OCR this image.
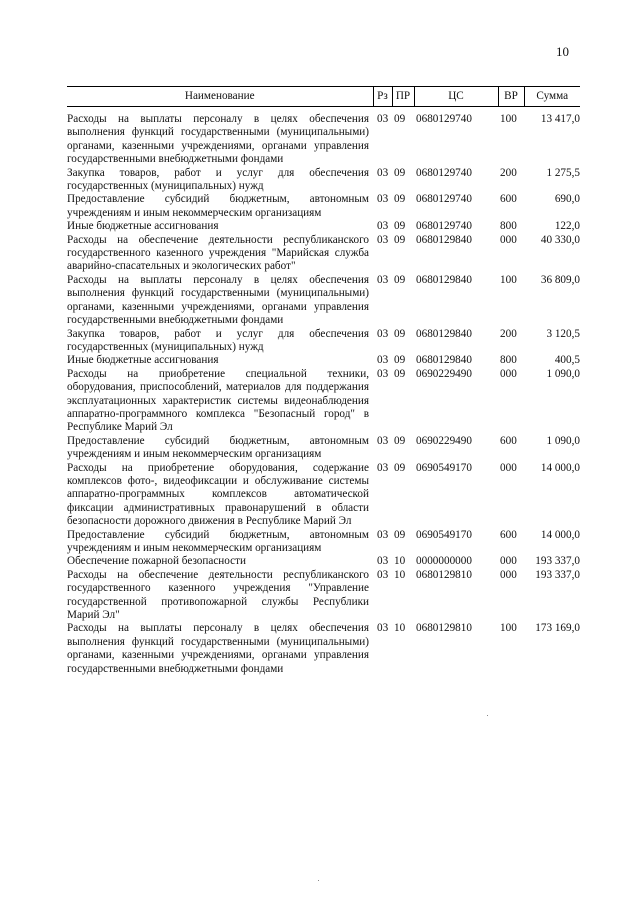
10
Наименование	Рз	ПР	ЦС	ВР	Сумма
Расходы на выплаты персоналу в целях обеспечения выполнения функций государственными (муниципальными) органами, казенными учреждениями, органами управления государственными внебюджетными фондами	03	09	0680129740	100	13 417,0
Закупка товаров, работ и услуг для обеспечения государственных (муниципальных) нужд	03	09	0680129740	200	1 275,5
Предоставление субсидий бюджетным, автономным учреждениям и иным некоммерческим организациям	03	09	0680129740	600	690,0
Иные бюджетные ассигнования	03	09	0680129740	800	122,0
Расходы на обеспечение деятельности республиканского государственного казенного учреждения "Марийская служба аварийно-спасательных и экологических работ"	03	09	0680129840	000	40 330,0
Расходы на выплаты персоналу в целях обеспечения выполнения функций государственными (муниципальными) органами, казенными учреждениями, органами управления государственными внебюджетными фондами	03	09	0680129840	100	36 809,0
Закупка товаров, работ и услуг для обеспечения государственных (муниципальных) нужд	03	09	0680129840	200	3 120,5
Иные бюджетные ассигнования	03	09	0680129840	800	400,5
Расходы на приобретение специальной техники, оборудования, приспособлений, материалов для поддержания эксплуатационных характеристик системы видеонаблюдения аппаратно-программного комплекса "Безопасный город" в Республике Марий Эл	03	09	0690229490	000	1 090,0
Предоставление субсидий бюджетным, автономным учреждениям и иным некоммерческим организациям	03	09	0690229490	600	1 090,0
Расходы на приобретение оборудования, содержание комплексов фото-, видеофиксации и обслуживание системы аппаратно-программных комплексов автоматической фиксации административных правонарушений в области безопасности дорожного движения в Республике Марий Эл	03	09	0690549170	000	14 000,0
Предоставление субсидий бюджетным, автономным учреждениям и иным некоммерческим организациям	03	09	0690549170	600	14 000,0
Обеспечение пожарной безопасности	03	10	0000000000	000	193 337,0
Расходы на обеспечение деятельности республиканского государственного казенного учреждения "Управление государственной противопожарной службы Республики Марий Эл"	03	10	0680129810	000	193 337,0
Расходы на выплаты персоналу в целях обеспечения выполнения функций государственными (муниципальными) органами, казенными учреждениями, органами управления государственными внебюджетными фондами	03	10	0680129810	100	173 169,0
